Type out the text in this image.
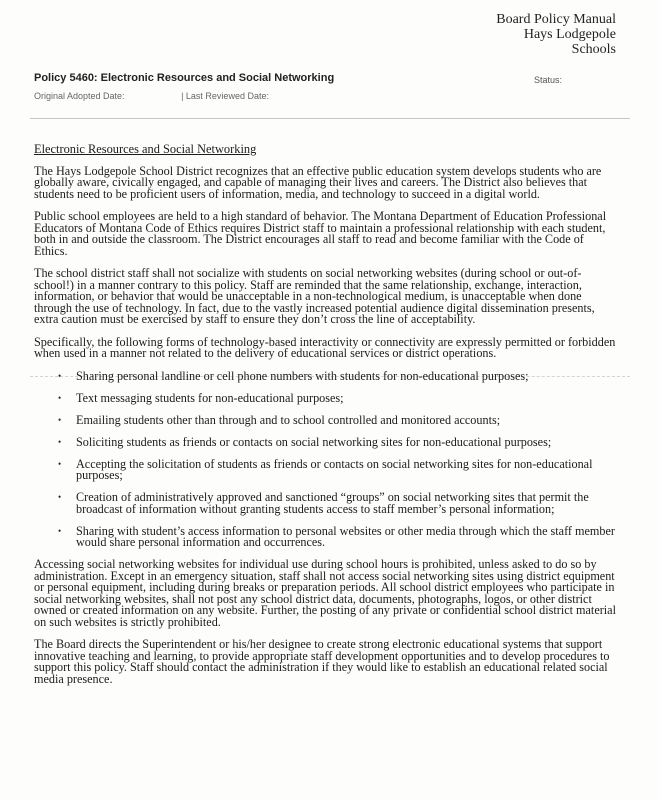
Board Policy Manual
Hays Lodgepole
Schools
Policy 5460: Electronic Resources and Social Networking	Status:
Original Adopted Date:	| Last Reviewed Date:
Electronic Resources and Social Networking

The Hays Lodgepole School District recognizes that an effective public education system develops students who are globally aware, civically engaged, and capable of managing their lives and careers. The District also believes that students need to be proficient users of information, media, and technology to succeed in a digital world.

Public school employees are held to a high standard of behavior. The Montana Department of Education Professional Educators of Montana Code of Ethics requires District staff to maintain a professional relationship with each student, both in and outside the classroom. The District encourages all staff to read and become familiar with the Code of Ethics.

The school district staff shall not socialize with students on social networking websites (during school or out-of-school!) in a manner contrary to this policy. Staff are reminded that the same relationship, exchange, interaction, information, or behavior that would be unacceptable in a non-technological medium, is unacceptable when done through the use of technology. In fact, due to the vastly increased potential audience digital dissemination presents, extra caution must be exercised by staff to ensure they don’t cross the line of acceptability.

Specifically, the following forms of technology-based interactivity or connectivity are expressly permitted or forbidden when used in a manner not related to the delivery of educational services or district operations.

• Sharing personal landline or cell phone numbers with students for non-educational purposes;
• Text messaging students for non-educational purposes;
• Emailing students other than through and to school controlled and monitored accounts;
• Soliciting students as friends or contacts on social networking sites for non-educational purposes;
• Accepting the solicitation of students as friends or contacts on social networking sites for non-educational purposes;
• Creation of administratively approved and sanctioned “groups” on social networking sites that permit the broadcast of information without granting students access to staff member’s personal information;
• Sharing with student’s access information to personal websites or other media through which the staff member would share personal information and occurrences.

Accessing social networking websites for individual use during school hours is prohibited, unless asked to do so by administration. Except in an emergency situation, staff shall not access social networking sites using district equipment or personal equipment, including during breaks or preparation periods. All school district employees who participate in social networking websites, shall not post any school district data, documents, photographs, logos, or other district owned or created information on any website. Further, the posting of any private or confidential school district material on such websites is strictly prohibited.

The Board directs the Superintendent or his/her designee to create strong electronic educational systems that support innovative teaching and learning, to provide appropriate staff development opportunities and to develop procedures to support this policy. Staff should contact the administration if they would like to establish an educational related social media presence.
